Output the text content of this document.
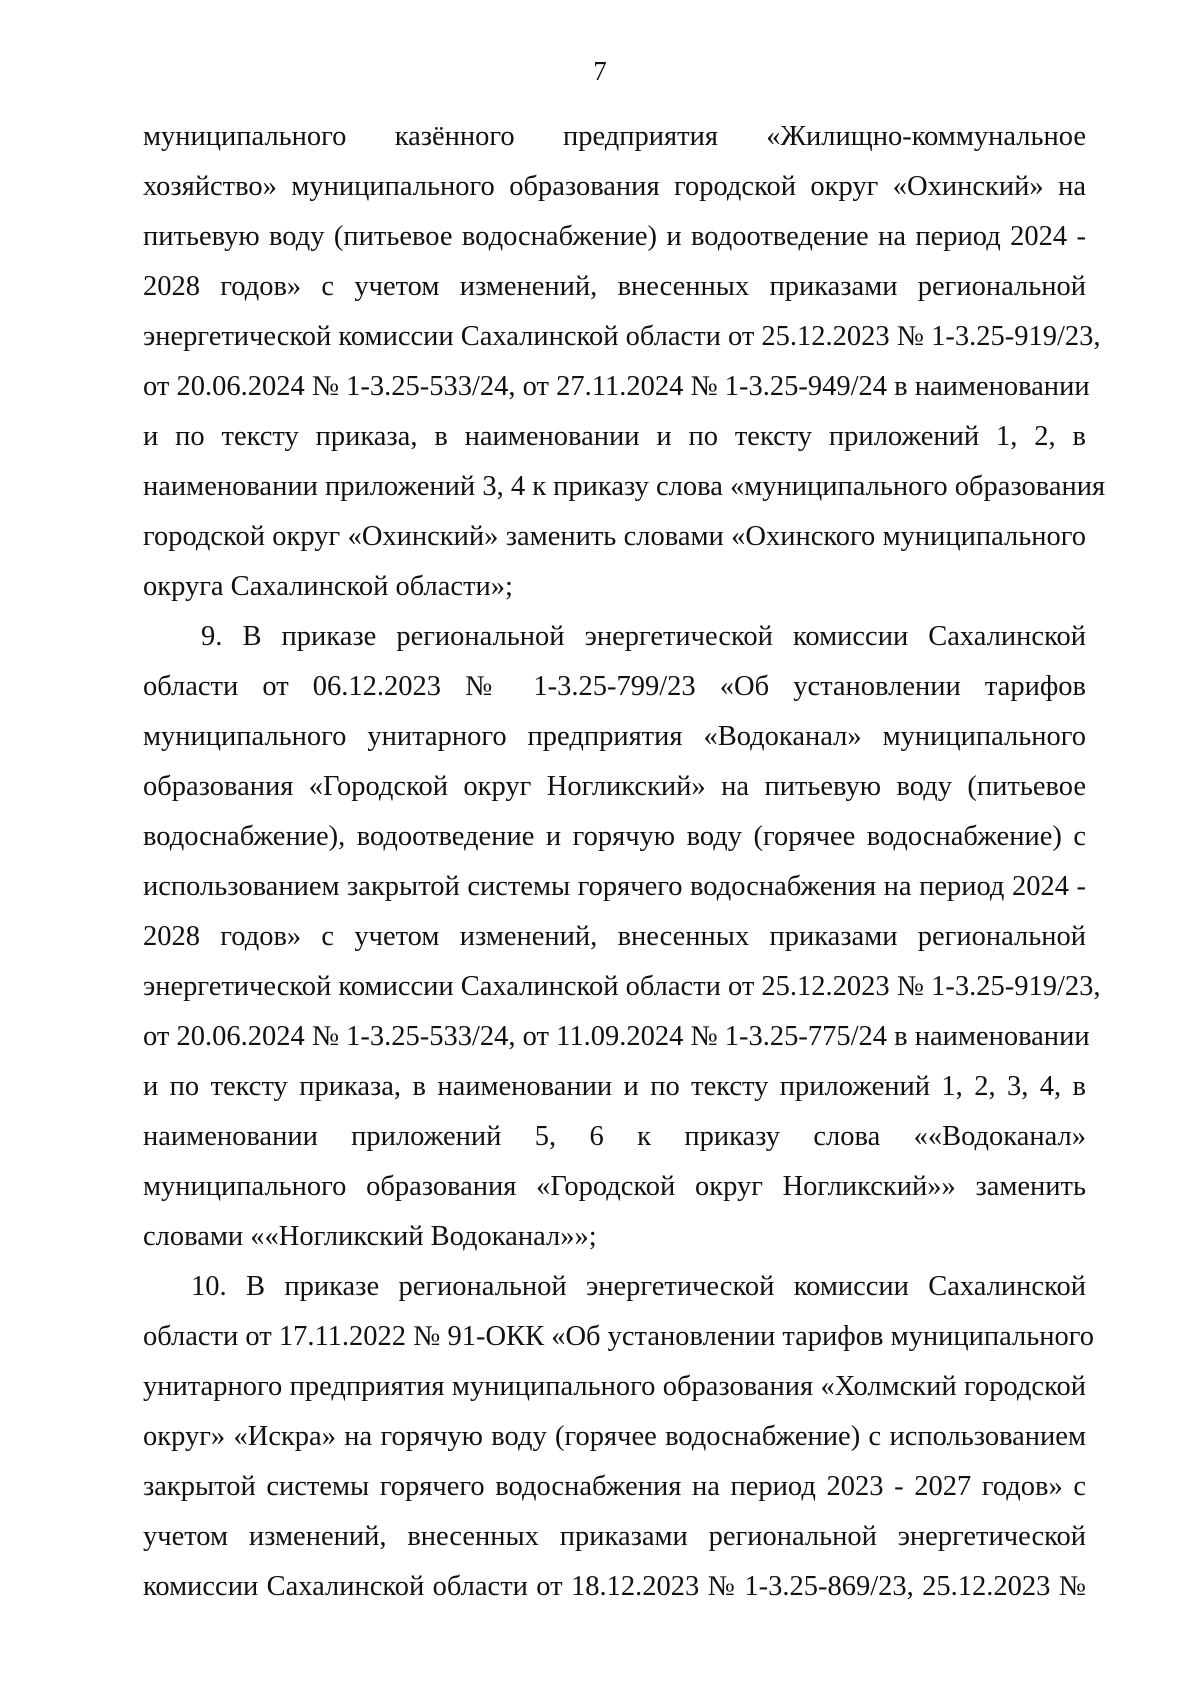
7

муниципального казённого предприятия «Жилищно-коммунальное

хозяйство» муниципального образования городской округ «Охинский» на

питьевую воду (питьевое водоснабжение) и водоотведение на период 2024 -

2028 годов» с учетом изменений, внесенных приказами региональной

энергетической комиссии Сахалинской области от 25.12.2023 № 1-3.25-919/23,

от 20.06.2024 № 1-3.25-533/24, от 27.11.2024 № 1-3.25-949/24 в наименовании

и по тексту приказа, в наименовании и по тексту приложений 1, 2, в

наименовании приложений 3, 4 к приказу слова «муниципального образования

городской округ «Охинский» заменить словами «Охинского муниципального

округа Сахалинской области»;

9. В приказе региональной энергетической комиссии Сахалинской

области от 06.12.2023 № 1-3.25-799/23 «Об установлении тарифов

муниципального унитарного предприятия «Водоканал» муниципального

образования «Городской округ Ногликский» на питьевую воду (питьевое

водоснабжение), водоотведение и горячую воду (горячее водоснабжение) с

использованием закрытой системы горячего водоснабжения на период 2024 -

2028 годов» с учетом изменений, внесенных приказами региональной

энергетической комиссии Сахалинской области от 25.12.2023 № 1-3.25-919/23,

от 20.06.2024 № 1-3.25-533/24, от 11.09.2024 № 1-3.25-775/24 в наименовании

и по тексту приказа, в наименовании и по тексту приложений 1, 2, 3, 4, в

наименовании приложений 5, 6 к приказу слова ««Водоканал»

муниципального образования «Городской округ Ногликский»» заменить

словами ««Ногликский Водоканал»»;

10. В приказе региональной энергетической комиссии Сахалинской

области от 17.11.2022 № 91-ОКК «Об установлении тарифов муниципального

унитарного предприятия муниципального образования «Холмский городской

округ» «Искра» на горячую воду (горячее водоснабжение) с использованием

закрытой системы горячего водоснабжения на период 2023 - 2027 годов» с

учетом изменений, внесенных приказами региональной энергетической

комиссии Сахалинской области от 18.12.2023 № 1-3.25-869/23, 25.12.2023 №
